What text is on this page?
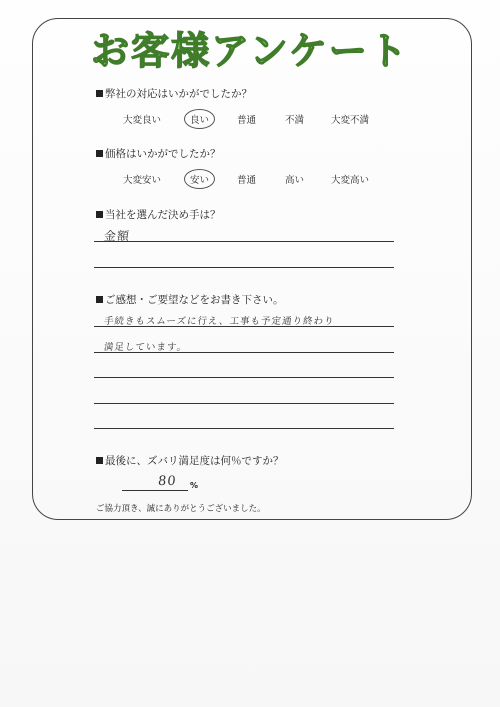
お客様アンケート
弊社の対応はいかがでしたか？
大変良い	良い	普通	不満	大変不満
価格はいかがでしたか？
大変安い	安い	普通	高い	大変高い
当社を選んだ決め手は？
金額
ご感想・ご要望などをお書き下さい。
手続きもスムーズに行え、工事も予定通り終わり
満足しています。
最後に、ズバリ満足度は何％ですか？
80 %
ご協力頂き、誠にありがとうございました。
